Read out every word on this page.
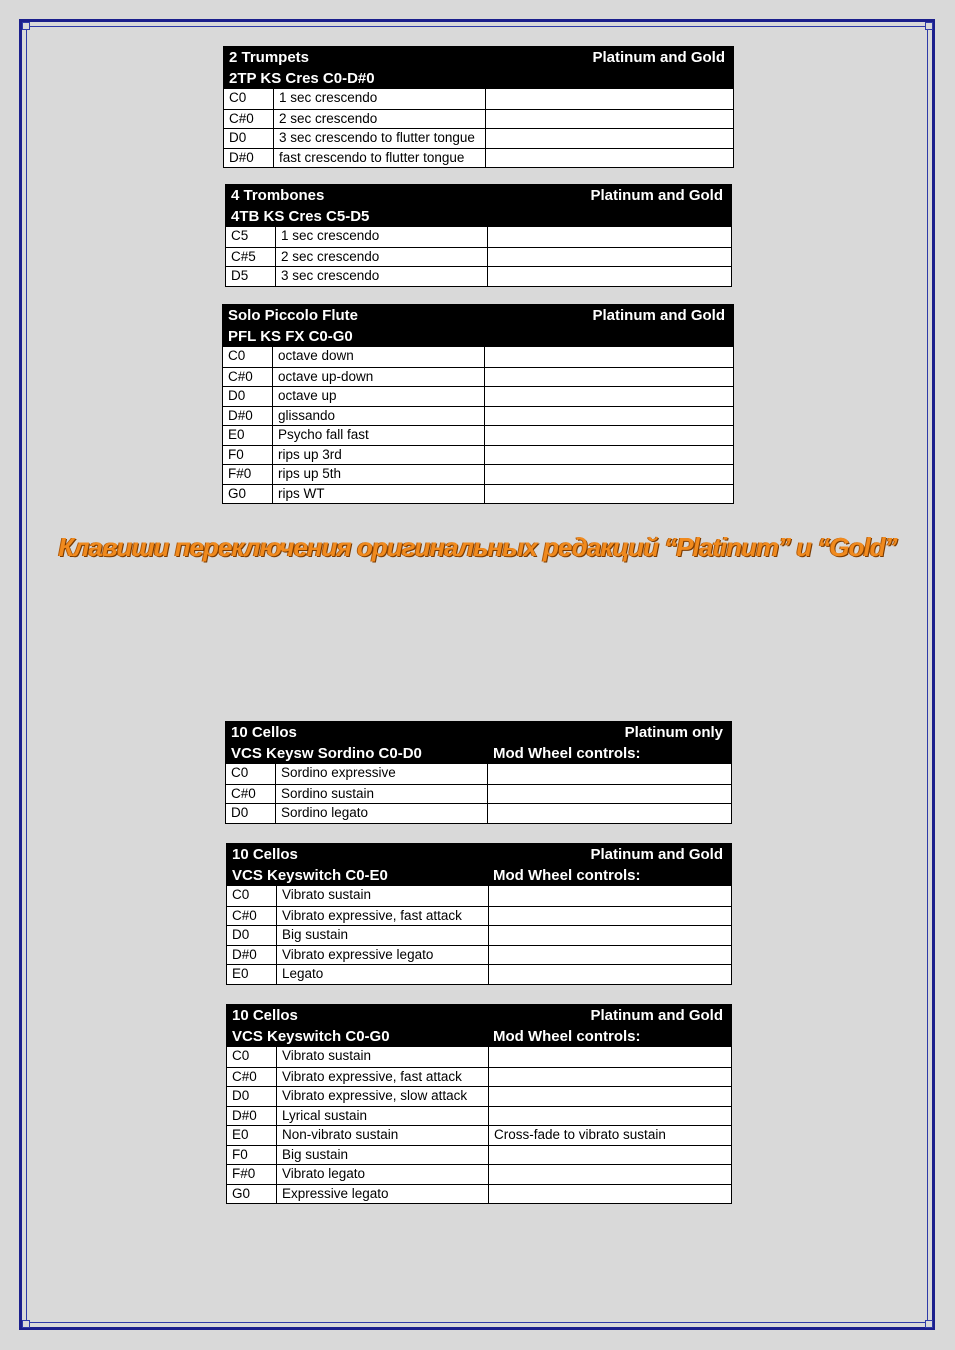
2 Trumpets	Platinum and Gold
2TP KS Cres C0-D#0
C0	1 sec crescendo
C#0	2 sec crescendo
D0	3 sec crescendo to flutter tongue
D#0	fast crescendo to flutter tongue
4 Trombones	Platinum and Gold
4TB KS Cres C5-D5
C5	1 sec crescendo
C#5	2 sec crescendo
D5	3 sec crescendo
Solo Piccolo Flute	Platinum and Gold
PFL KS FX C0-G0
C0	octave down
C#0	octave up-down
D0	octave up
D#0	glissando
E0	Psycho fall fast
F0	rips up 3rd
F#0	rips up 5th
G0	rips WT
Клавиши переключения оригинальных редакций “Platinum” и “Gold”
10 Cellos	Platinum only
VCS Keysw Sordino C0-D0	Mod Wheel controls:
C0	Sordino expressive
C#0	Sordino sustain
D0	Sordino legato
10 Cellos	Platinum and Gold
VCS Keyswitch C0-E0	Mod Wheel controls:
C0	Vibrato sustain
C#0	Vibrato expressive, fast attack
D0	Big sustain
D#0	Vibrato expressive legato
E0	Legato
10 Cellos	Platinum and Gold
VCS Keyswitch C0-G0	Mod Wheel controls:
C0	Vibrato sustain
C#0	Vibrato expressive, fast attack
D0	Vibrato expressive, slow attack
D#0	Lyrical sustain
E0	Non-vibrato sustain	Cross-fade to vibrato sustain
F0	Big sustain
F#0	Vibrato legato
G0	Expressive legato
